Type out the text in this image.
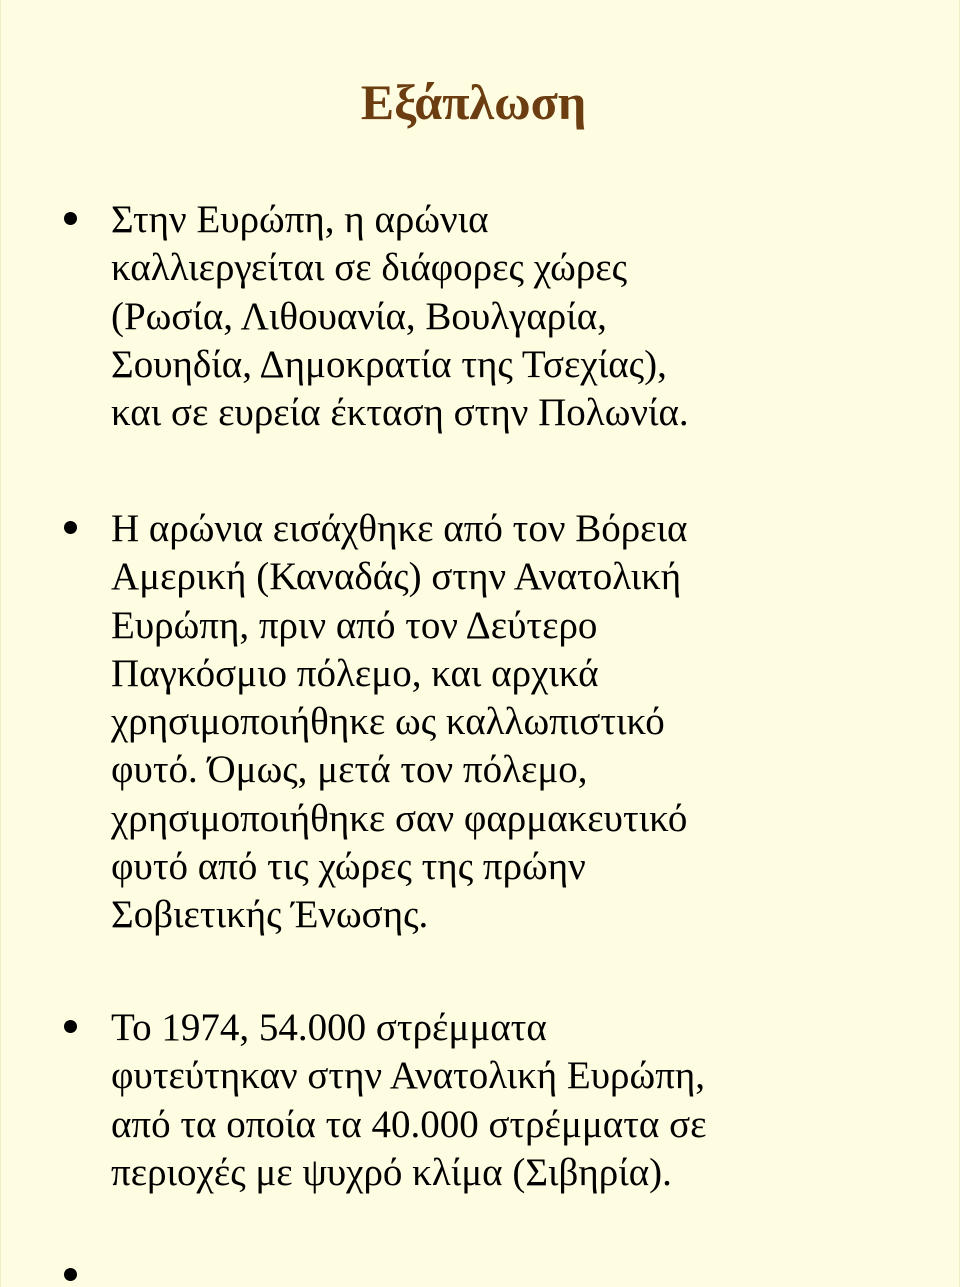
Εξάπλωση
Στην Ευρώπη, η αρώνια
καλλιεργείται σε διάφορες χώρες
(Ρωσία, Λιθουανία, Βουλγαρία,
Σουηδία, Δημοκρατία της Τσεχίας),
και σε ευρεία έκταση στην Πολωνία.
Η αρώνια εισάχθηκε από τον Βόρεια
Αμερική (Καναδάς) στην Ανατολική
Ευρώπη, πριν από τον Δεύτερο
Παγκόσμιο πόλεμο, και αρχικά
χρησιμοποιήθηκε ως καλλωπιστικό
φυτό. Όμως, μετά τον πόλεμο,
χρησιμοποιήθηκε σαν φαρμακευτικό
φυτό από τις χώρες της πρώην
Σοβιετικής Ένωσης.
Το 1974, 54.000 στρέμματα
φυτεύτηκαν στην Ανατολική Ευρώπη,
από τα οποία τα 40.000 στρέμματα σε
περιοχές με ψυχρό κλίμα (Σιβηρία).
